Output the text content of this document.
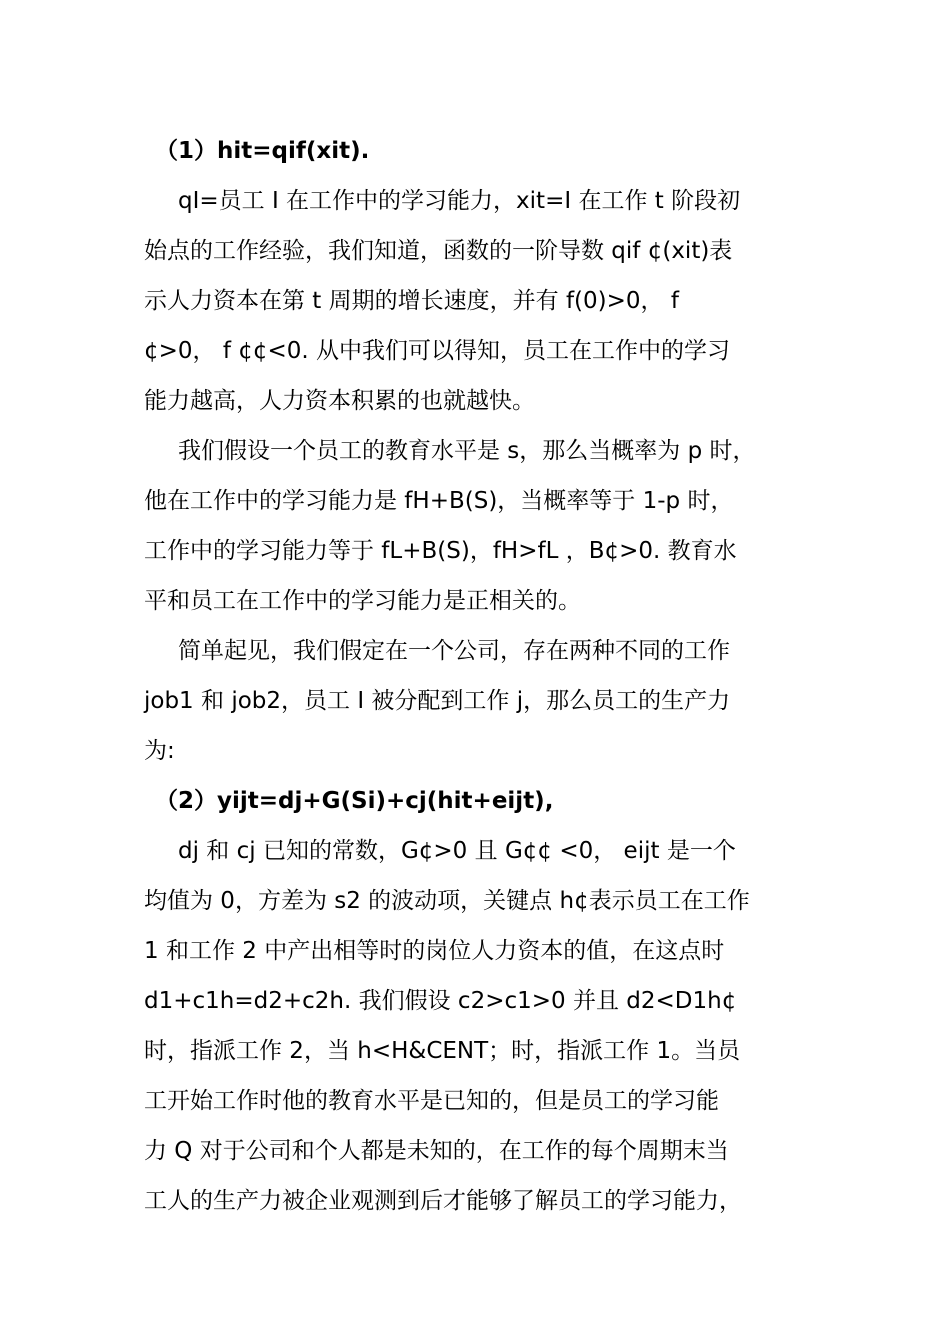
（1）hit=qif(xit).
qI=员工 I 在工作中的学习能力，xit=I 在工作 t 阶段初
始点的工作经验，我们知道，函数的一阶导数 qif ¢(xit)表
示人力资本在第 t 周期的增长速度，并有 f(0)>0， f
¢>0， f ¢¢<0. 从中我们可以得知，员工在工作中的学习
能力越高，人力资本积累的也就越快。
我们假设一个员工的教育水平是 s，那么当概率为 p 时，
他在工作中的学习能力是 fH+B(S)，当概率等于 1-p 时，
工作中的学习能力等于 fL+B(S)，fH>fL ，B¢>0. 教育水
平和员工在工作中的学习能力是正相关的。
简单起见，我们假定在一个公司，存在两种不同的工作
job1 和 job2，员工 I 被分配到工作 j，那么员工的生产力
为:
（2）yijt=dj+G(Si)+cj(hit+eijt),
dj 和 cj 已知的常数，G¢>0 且 G¢¢ <0， eijt 是一个
均值为 0，方差为 s2 的波动项，关键点 h¢表示员工在工作
1 和工作 2 中产出相等时的岗位人力资本的值，在这点时
d1+c1h=d2+c2h. 我们假设 c2>c1>0 并且 d2<D1h¢
时，指派工作 2，当 h<H&CENT；时，指派工作 1。当员
工开始工作时他的教育水平是已知的，但是员工的学习能
力 Q 对于公司和个人都是未知的，在工作的每个周期末当
工人的生产力被企业观测到后才能够了解员工的学习能力，
